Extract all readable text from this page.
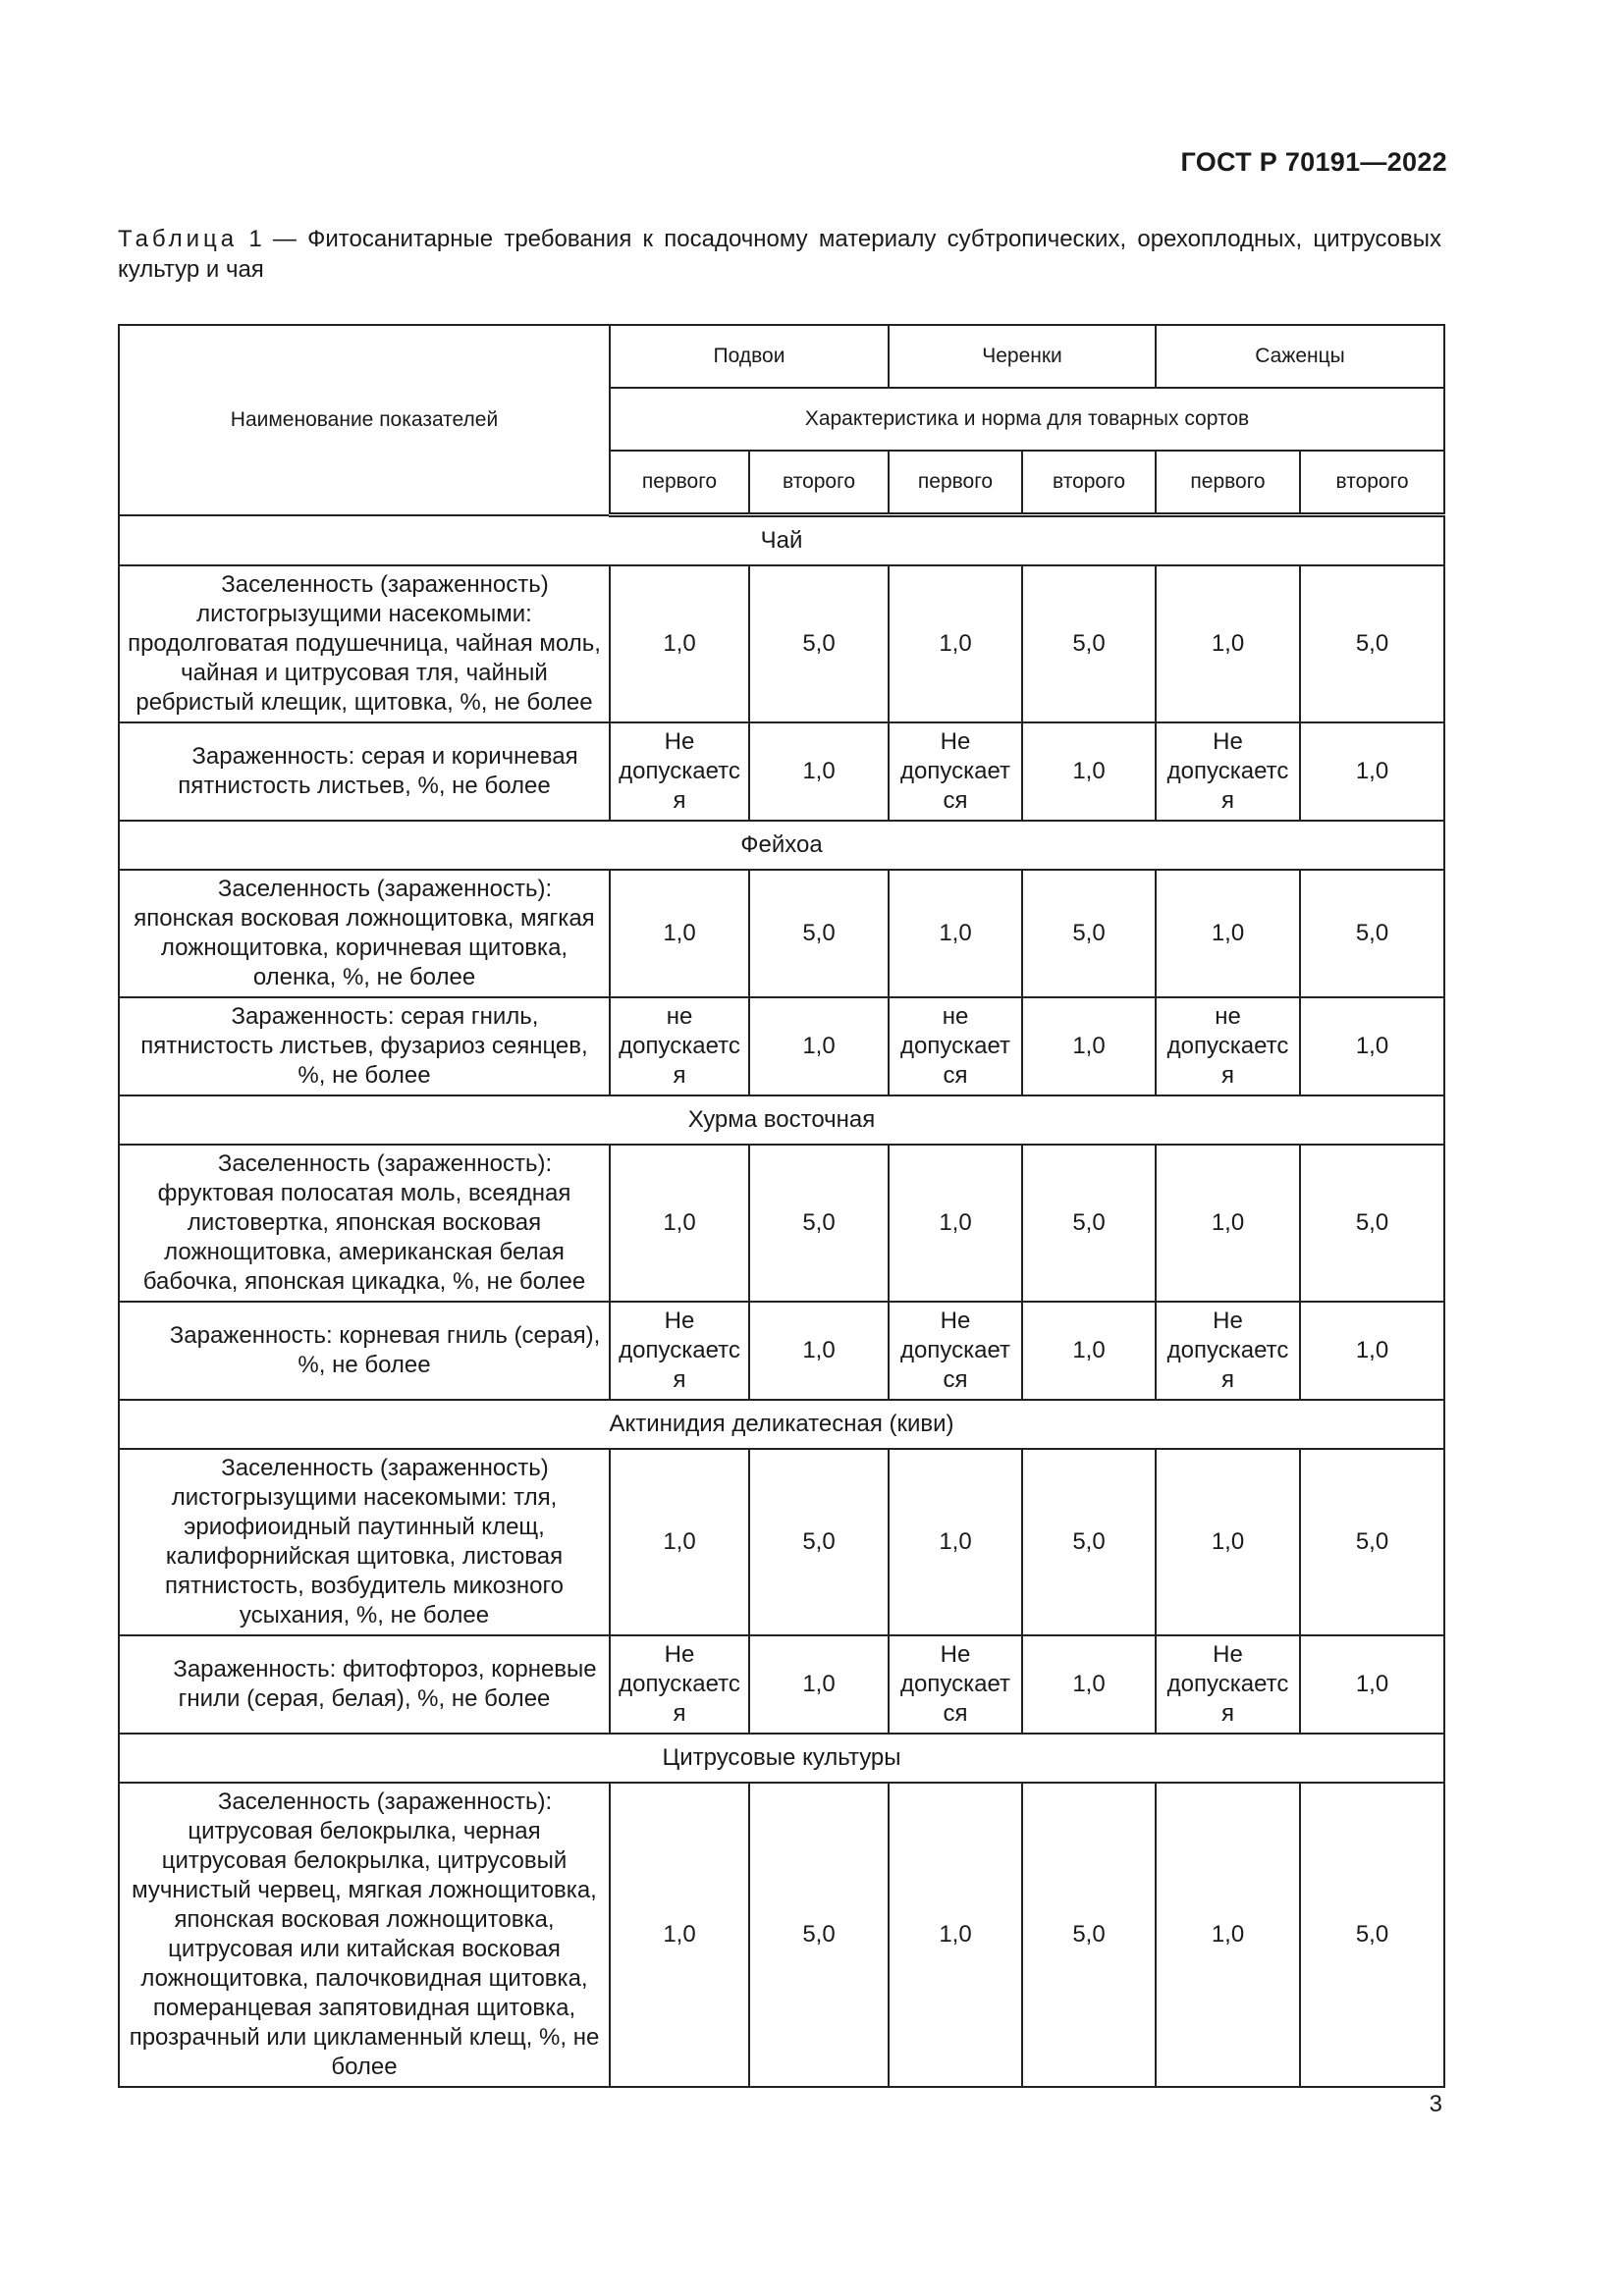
ГОСТ Р 70191—2022
Таблица 1 — Фитосанитарные требования к посадочному материалу субтропических, орехоплодных, цитрусовых культур и чая
Наименование показателей	Подвои		Черенки		Саженцы	
	Характеристика и норма для товарных сортов					
	первого	второго	первого	второго	первого	второго
Чай						
Заселенность (зараженность) листогрызущими насекомыми: продолговатая подушечница, чайная моль, чайная и цитрусовая тля, чайный ребристый клещик, щитовка, %, не более	1,0	5,0	1,0	5,0	1,0	5,0
Зараженность: серая и коричневая пятнистость листьев, %, не более	Не допускается	1,0	Не допускается	1,0	Не допускается	1,0
Фейхоа						
Заселенность (зараженность): японская восковая ложнощитовка, мягкая ложнощитовка, коричневая щитовка, оленка, %, не более	1,0	5,0	1,0	5,0	1,0	5,0
Зараженность: серая гниль, пятнистость листьев, фузариоз сеянцев, %, не более	не допускается	1,0	не допускается	1,0	не допускается	1,0
Хурма восточная						
Заселенность (зараженность): фруктовая полосатая моль, всеядная листовертка, японская восковая ложнощитовка, американская белая бабочка, японская цикадка, %, не более	1,0	5,0	1,0	5,0	1,0	5,0
Зараженность: корневая гниль (серая), %, не более	Не допускается	1,0	Не допускается	1,0	Не допускается	1,0
Актинидия деликатесная (киви)						
Заселенность (зараженность) листогрызущими насекомыми: тля, эриофиоидный паутинный клещ, калифорнийская щитовка, листовая пятнистость, возбудитель микозного усыхания, %, не более	1,0	5,0	1,0	5,0	1,0	5,0
Зараженность: фитофтороз, корневые гнили (серая, белая), %, не более	Не допускается	1,0	Не допускается	1,0	Не допускается	1,0
Цитрусовые культуры						
Заселенность (зараженность): цитрусовая белокрылка, черная цитрусовая белокрылка, цитрусовый мучнистый червец, мягкая ложнощитовка, японская восковая ложнощитовка, цитрусовая или китайская восковая ложнощитовка, палочковидная щитовка, померанцевая запятовидная щитовка, прозрачный или цикламенный клещ, %, не более	1,0	5,0	1,0	5,0	1,0	5,0
3
